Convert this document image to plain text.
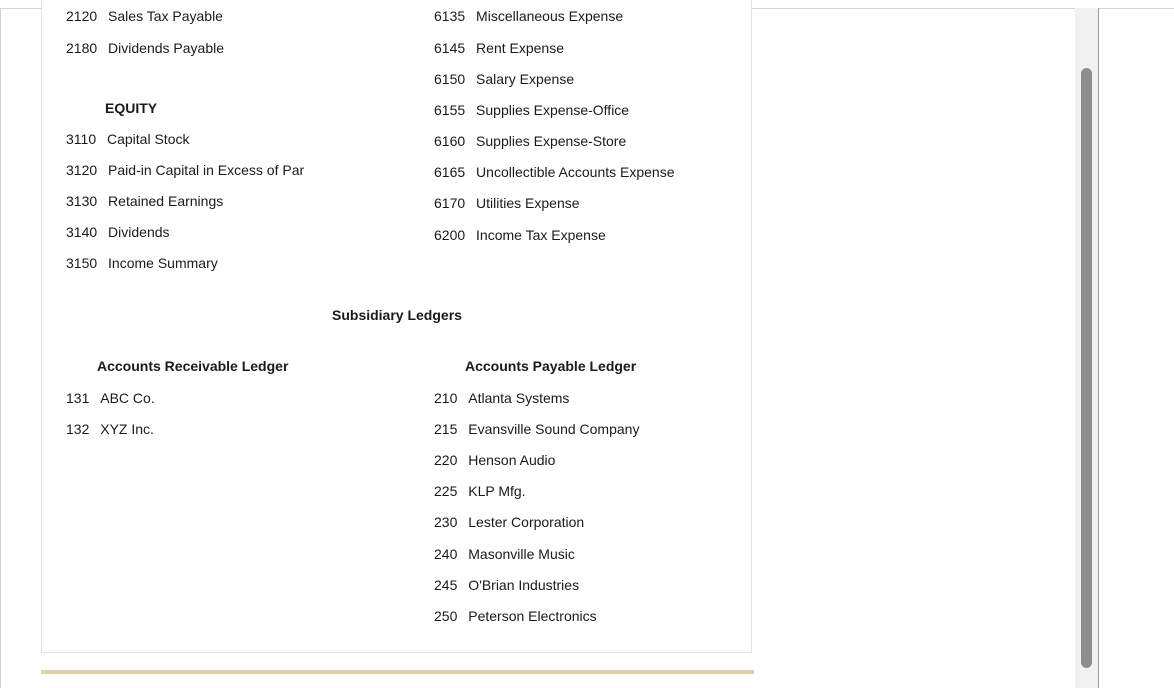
2120 Sales Tax Payable
2180 Dividends Payable
EQUITY
3110 Capital Stock
3120 Paid-in Capital in Excess of Par
3130 Retained Earnings
3140 Dividends
3150 Income Summary
6135 Miscellaneous Expense
6145 Rent Expense
6150 Salary Expense
6155 Supplies Expense-Office
6160 Supplies Expense-Store
6165 Uncollectible Accounts Expense
6170 Utilities Expense
6200 Income Tax Expense
Subsidiary Ledgers
Accounts Receivable Ledger
131 ABC Co.
132 XYZ Inc.
Accounts Payable Ledger
210 Atlanta Systems
215 Evansville Sound Company
220 Henson Audio
225 KLP Mfg.
230 Lester Corporation
240 Masonville Music
245 O'Brian Industries
250 Peterson Electronics
